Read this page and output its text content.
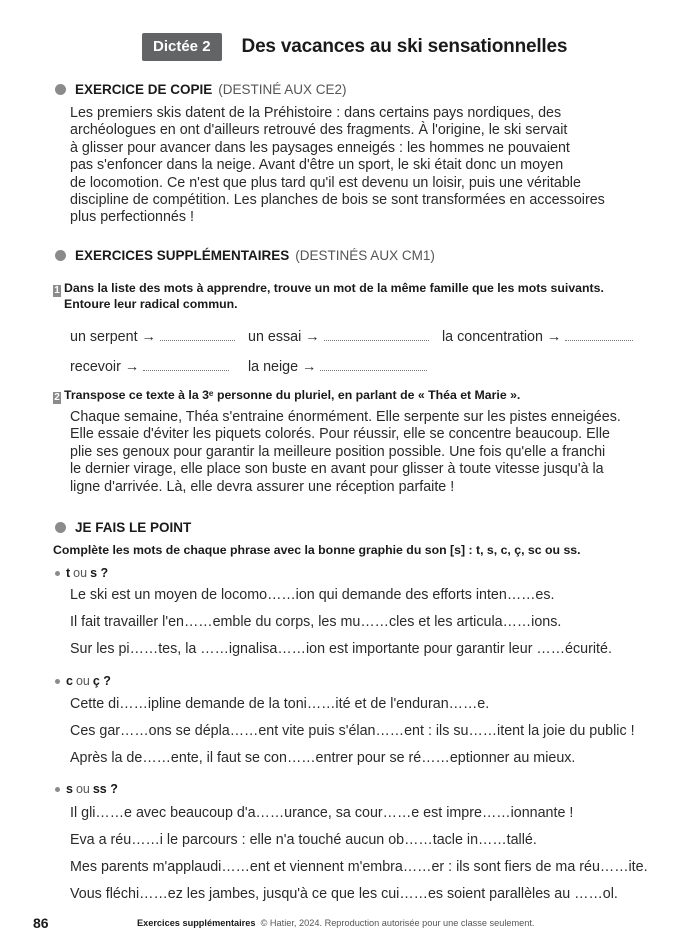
Dictée 2	Des vacances au ski sensationnelles
EXERCICE DE COPIE (DESTINÉ AUX CE2)

Les premiers skis datent de la Préhistoire : dans certains pays nordiques, des

archéologues en ont d'ailleurs retrouvé des fragments. À l'origine, le ski servait

à glisser pour avancer dans les paysages enneigés : les hommes ne pouvaient

pas s'enfoncer dans la neige. Avant d'être un sport, le ski était donc un moyen

de locomotion. Ce n'est que plus tard qu'il est devenu un loisir, puis une véritable

discipline de compétition. Les planches de bois se sont transformées en accessoires

plus perfectionnés !

EXERCICES SUPPLÉMENTAIRES (DESTINÉS AUX CM1)
1 Dans la liste des mots à apprendre, trouve un mot de la même famille que les mots suivants.
Entoure leur radical commun.
un serpent →	un essai →	la concentration →
recevoir →	la neige →
2 Transpose ce texte à la 3ᵉ personne du pluriel, en parlant de « Théa et Marie ».

Chaque semaine, Théa s'entraine énormément. Elle serpente sur les pistes enneigées.

Elle essaie d'éviter les piquets colorés. Pour réussir, elle se concentre beaucoup. Elle

plie ses genoux pour garantir la meilleure position possible. Une fois qu'elle a franchi

le dernier virage, elle place son buste en avant pour glisser à toute vitesse jusqu'à la

ligne d'arrivée. Là, elle devra assurer une réception parfaite !

JE FAIS LE POINT
Complète les mots de chaque phrase avec la bonne graphie du son [s] : t, s, c, ç, sc ou ss.
t ou s ?
Le ski est un moyen de locomo……ion qui demande des efforts inten……es.
Il fait travailler l'en……emble du corps, les mu……cles et les articula……ions.
Sur les pi……tes, la ……ignalisa……ion est importante pour garantir leur ……écurité.
c ou ç ?
Cette di……ipline demande de la toni……ité et de l'enduran……e.
Ces gar……ons se dépla……ent vite puis s'élan……ent : ils su……itent la joie du public !
Après la de……ente, il faut se con……entrer pour se ré……eptionner au mieux.
s ou ss ?
Il gli……e avec beaucoup d'a……urance, sa cour……e est impre……ionnante !
Eva a réu……i le parcours : elle n'a touché aucun ob……tacle in……tallé.
Mes parents m'applaudi……ent et viennent m'embra……er : ils sont fiers de ma réu……ite.
Vous fléchi……ez les jambes, jusqu'à ce que les cui……es soient parallèles au ……ol.
86	Exercices supplémentaires © Hatier, 2024. Reproduction autorisée pour une classe seulement.
